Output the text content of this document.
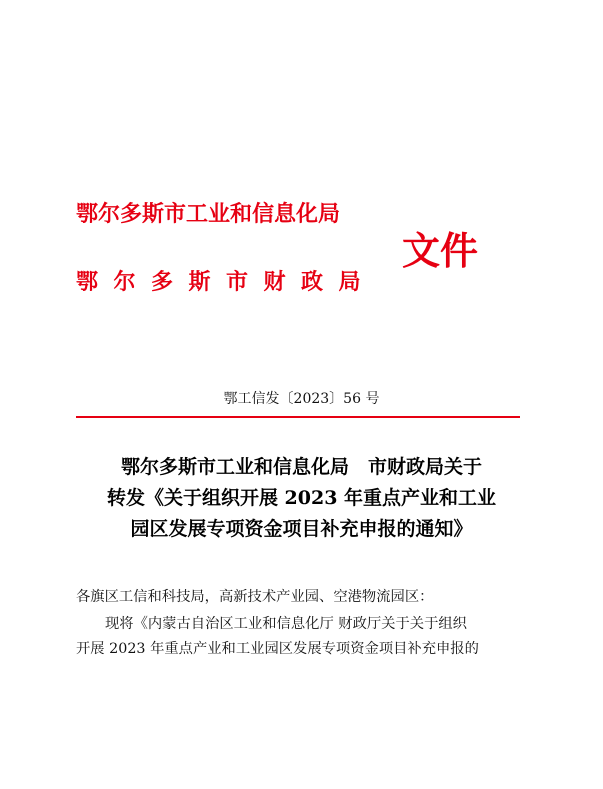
鄂尔多斯市工业和信息化局
鄂尔多斯市财政局
文件
鄂工信发〔2023〕56 号
鄂尔多斯市工业和信息化局　市财政局关于
转发《关于组织开展 2023 年重点产业和工业
园区发展专项资金项目补充申报的通知》
各旗区工信和科技局，高新技术产业园、空港物流园区：
现将《内蒙古自治区工业和信息化厅 财政厅关于关于组织
开展 2023 年重点产业和工业园区发展专项资金项目补充申报的
